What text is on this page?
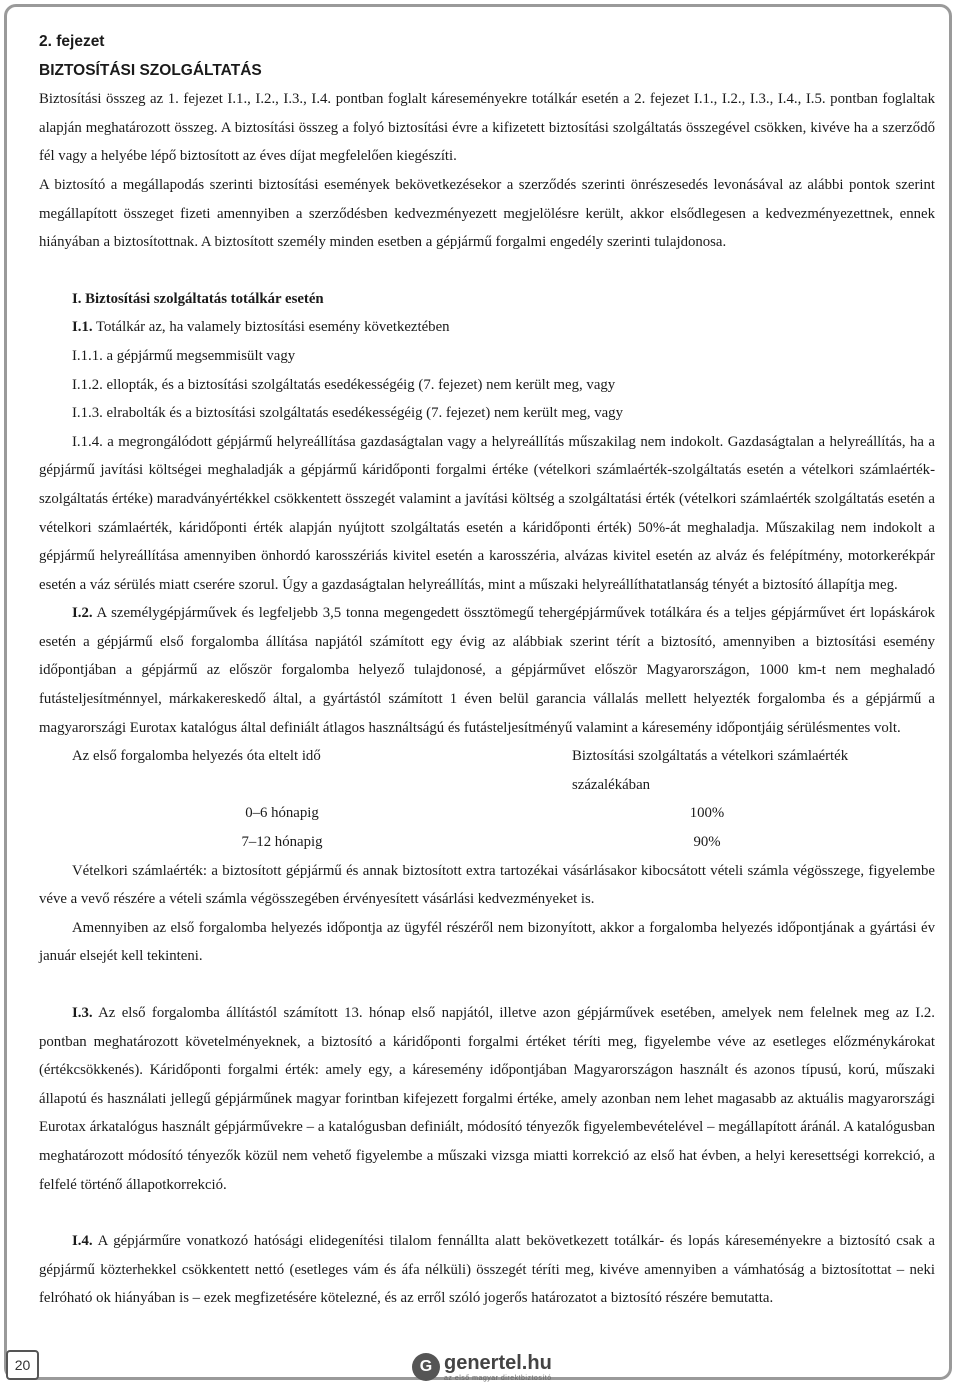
2. fejezet
BIZTOSÍTÁSI SZOLGÁLTATÁS

Biztosítási összeg az 1. fejezet I.1., I.2., I.3., I.4. pontban foglalt káreseményekre totálkár esetén a 2. fejezet I.1., I.2., I.3., I.4., I.5. pontban foglaltak alapján meghatározott összeg. A biztosítási összeg a folyó biztosítási évre a kifizetett biztosítási szolgáltatás összegével csökken, kivéve ha a szerződő fél vagy a helyébe lépő biztosított az éves díjat megfelelően kiegészíti.

A biztosító a megállapodás szerinti biztosítási események bekövetkezésekor a szerződés szerinti önrészesedés levonásával az alábbi pontok szerint megállapított összeget fizeti amennyiben a szerződésben kedvezményezett megjelölésre került, akkor elsődlegesen a kedvezményezettnek, ennek hiányában a biztosítottnak. A biztosított személy minden esetben a gépjármű forgalmi engedély szerinti tulajdonosa.

I. Biztosítási szolgáltatás totálkár esetén

I.1. Totálkár az, ha valamely biztosítási esemény következtében

I.1.1. a gépjármű megsemmisült vagy

I.1.2. ellopták, és a biztosítási szolgáltatás esedékességéig (7. fejezet) nem került meg, vagy

I.1.3. elrabolták és a biztosítási szolgáltatás esedékességéig (7. fejezet) nem került meg, vagy

I.1.4. a megrongálódott gépjármű helyreállítása gazdaságtalan vagy a helyreállítás műszakilag nem indokolt. Gazdaságtalan a helyreállítás, ha a gépjármű javítási költségei meghaladják a gépjármű káridőponti forgalmi értéke (vételkori számlaérték-szolgáltatás esetén a vételkori számlaérték-szolgáltatás értéke) maradványértékkel csökkentett összegét valamint a javítási költség a szolgáltatási érték (vételkori számlaérték szolgáltatás esetén a vételkori számlaérték, káridőponti érték alapján nyújtott szolgáltatás esetén a káridőponti érték) 50%-át meghaladja. Műszakilag nem indokolt a gépjármű helyreállítása amennyiben önhordó karosszériás kivitel esetén a karosszéria, alvázas kivitel esetén az alváz és felépítmény, motorkerékpár esetén a váz sérülés miatt cserére szorul. Úgy a gazdaságtalan helyreállítás, mint a műszaki helyreállíthatatlanság tényét a biztosító állapítja meg.

I.2. A személygépjárművek és legfeljebb 3,5 tonna megengedett össztömegű tehergépjárművek totálkára és a teljes gépjárművet ért lopáskárok esetén a gépjármű első forgalomba állítása napjától számított egy évig az alábbiak szerint térít a biztosító, amennyiben a biztosítási esemény időpontjában a gépjármű az először forgalomba helyező tulajdonosé, a gépjárművet először Magyarországon, 1000 km-t nem meghaladó futásteljesítménnyel, márkakereskedő által, a gyártástól számított 1 éven belül garancia vállalás mellett helyezték forgalomba és a gépjármű a magyarországi Eurotax katalógus által definiált átlagos használtságú és futásteljesítményű valamint a káresemény időpontjáig sérülésmentes volt.

Az első forgalomba helyezés óta eltelt idő	Biztosítási szolgáltatás a vételkori számlaérték százalékában
0–6 hónapig	100%
7–12 hónapig	90%

Vételkori számlaérték: a biztosított gépjármű és annak biztosított extra tartozékai vásárlásakor kibocsátott vételi számla végösszege, figyelembe véve a vevő részére a vételi számla végösszegében érvényesített vásárlási kedvezményeket is.

Amennyiben az első forgalomba helyezés időpontja az ügyfél részéről nem bizonyított, akkor a forgalomba helyezés időpontjának a gyártási év január elsejét kell tekinteni.

I.3. Az első forgalomba állítástól számított 13. hónap első napjától, illetve azon gépjárművek esetében, amelyek nem felelnek meg az I.2. pontban meghatározott követelményeknek, a biztosító a káridőponti forgalmi értéket téríti meg, figyelembe véve az esetleges előzménykárokat (értékcsökkenés). Káridőponti forgalmi érték: amely egy, a káresemény időpontjában Magyarországon használt és azonos típusú, korú, műszaki állapotú és használati jellegű gépjárműnek magyar forintban kifejezett forgalmi értéke, amely azonban nem lehet magasabb az aktuális magyarországi Eurotax árkatalógus használt gépjárművekre – a katalógusban definiált, módosító tényezők figyelembevételével – megállapított áránál. A katalógusban meghatározott módosító tényezők közül nem vehető figyelembe a műszaki vizsga miatti korrekció az első hat évben, a helyi keresettségi korrekció, a felfelé történő állapotkorrekció.

I.4. A gépjárműre vonatkozó hatósági elidegenítési tilalom fennállta alatt bekövetkezett totálkár- és lopás káreseményekre a biztosító csak a gépjármű közterhekkel csökkentett nettó (esetleges vám és áfa nélküli) összegét téríti meg, kivéve amennyiben a vámhatóság a biztosítottat – neki felróható ok hiányában is – ezek megfizetésére kötelezné, és az erről szóló jogerős határozatot a biztosító részére bemutatta.

20	G genertel.hu
az első magyar direktbiztosító
